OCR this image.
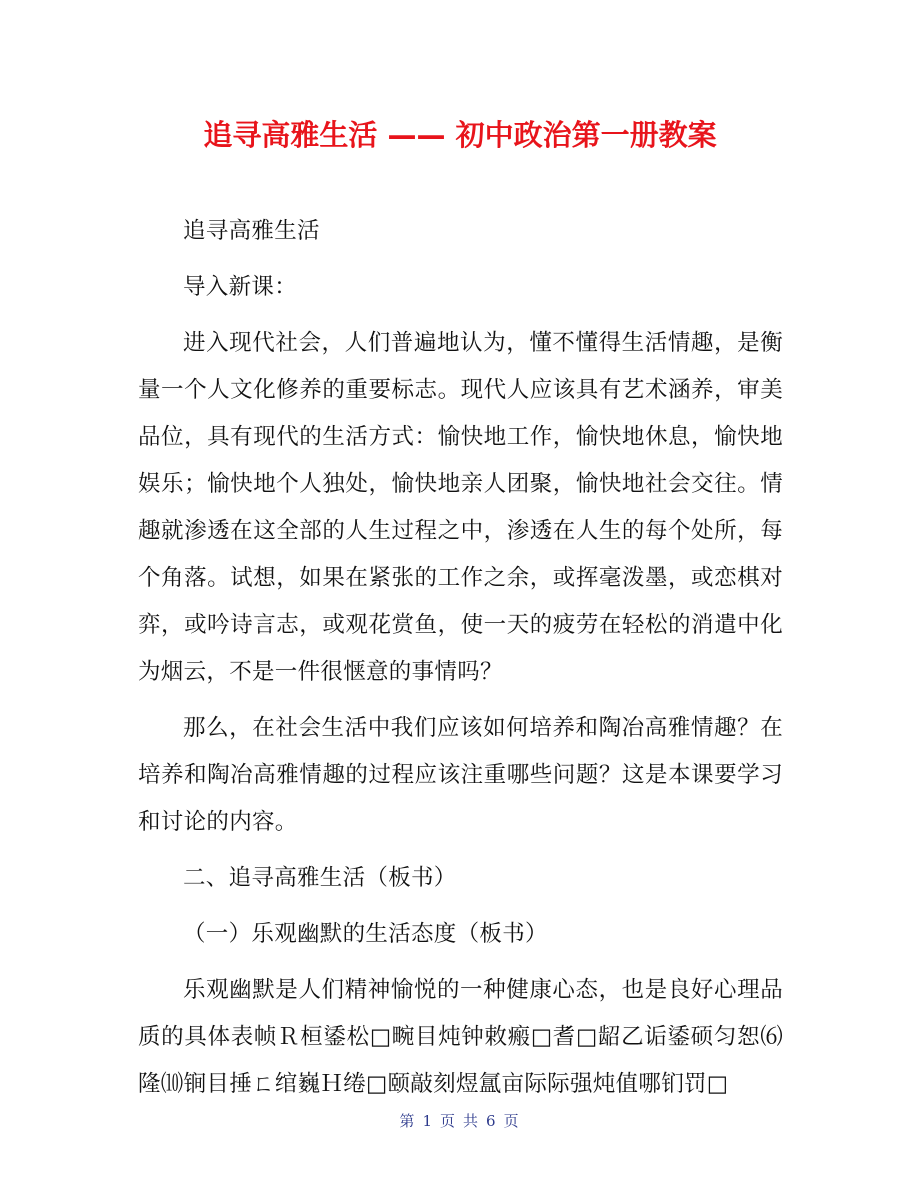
追寻高雅生活 —— 初中政治第一册教案

追寻高雅生活

导入新课：

进入现代社会，人们普遍地认为，懂不懂得生活情趣，是衡量一个人文化修养的重要标志。现代人应该具有艺术涵养，审美品位，具有现代的生活方式：愉快地工作，愉快地休息，愉快地娱乐；愉快地个人独处，愉快地亲人团聚，愉快地社会交往。情趣就渗透在这全部的人生过程之中，渗透在人生的每个处所，每个角落。试想，如果在紧张的工作之余，或挥毫泼墨，或恋棋对弈，或吟诗言志，或观花赏鱼，使一天的疲劳在轻松的消遣中化为烟云，不是一件很惬意的事情吗？

那么，在社会生活中我们应该如何培养和陶冶高雅情趣？在培养和陶冶高雅情趣的过程应该注重哪些问题？这是本课要学习和讨论的内容。

二、追寻高雅生活（板书）

（一）乐观幽默的生活态度（板书）

乐观幽默是人们精神愉悦的一种健康心态，也是良好心理品质的具体表帧Ｒ桓鋈松□畹目炖钟敕瘢□耆□龆乙诟鋈硕匀恕⑹隆⑽锏目捶ㄈ绾巍Ｈ绻□颐敲刻煜氲亩际际强炖值哪钔罚□

第 1 页 共 6 页
